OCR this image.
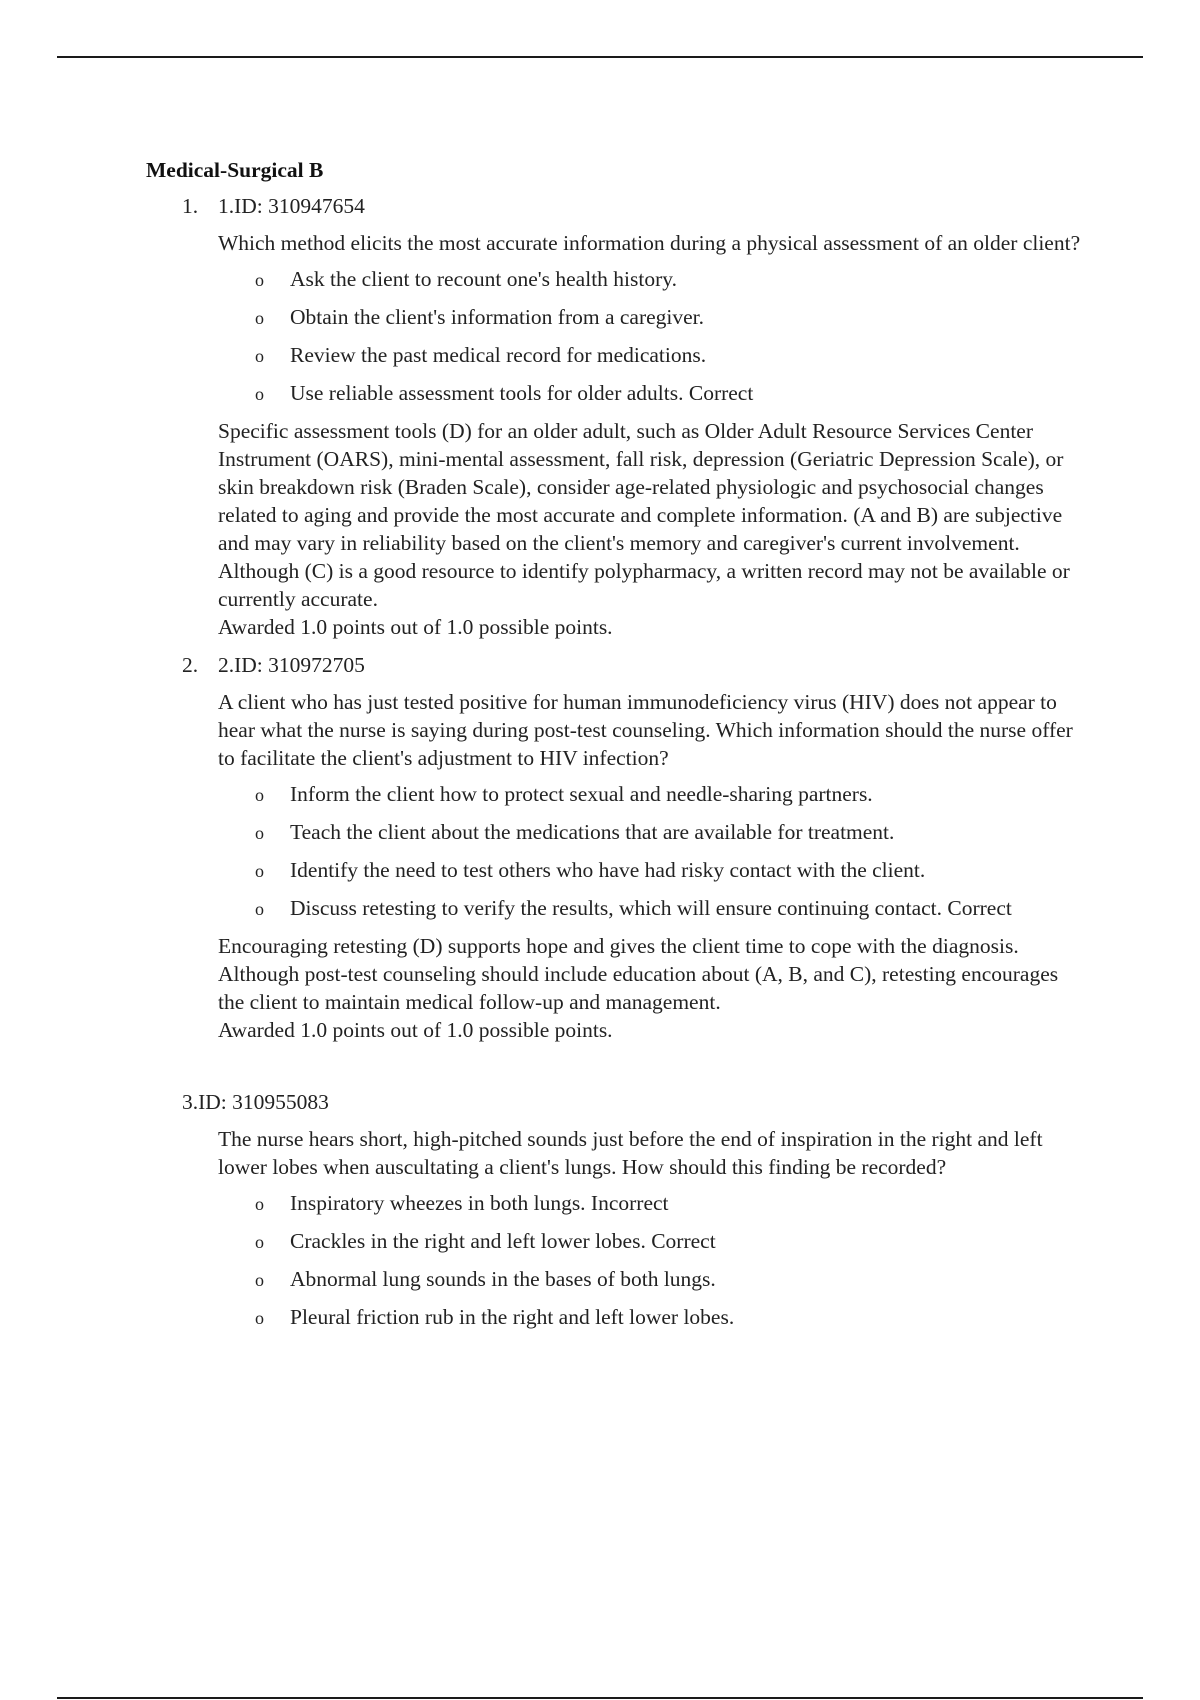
Medical-Surgical B
1. 1.ID: 310947654
Which method elicits the most accurate information during a physical assessment of an older client?
o Ask the client to recount one's health history.
o Obtain the client's information from a caregiver.
o Review the past medical record for medications.
o Use reliable assessment tools for older adults. Correct
Specific assessment tools (D) for an older adult, such as Older Adult Resource Services Center Instrument (OARS), mini-mental assessment, fall risk, depression (Geriatric Depression Scale), or skin breakdown risk (Braden Scale), consider age-related physiologic and psychosocial changes related to aging and provide the most accurate and complete information. (A and B) are subjective and may vary in reliability based on the client's memory and caregiver's current involvement. Although (C) is a good resource to identify polypharmacy, a written record may not be available or currently accurate.
Awarded 1.0 points out of 1.0 possible points.
2. 2.ID: 310972705
A client who has just tested positive for human immunodeficiency virus (HIV) does not appear to hear what the nurse is saying during post-test counseling. Which information should the nurse offer to facilitate the client's adjustment to HIV infection?
o Inform the client how to protect sexual and needle-sharing partners.
o Teach the client about the medications that are available for treatment.
o Identify the need to test others who have had risky contact with the client.
o Discuss retesting to verify the results, which will ensure continuing contact. Correct
Encouraging retesting (D) supports hope and gives the client time to cope with the diagnosis. Although post-test counseling should include education about (A, B, and C), retesting encourages the client to maintain medical follow-up and management.
Awarded 1.0 points out of 1.0 possible points.
3.ID: 310955083
The nurse hears short, high-pitched sounds just before the end of inspiration in the right and left lower lobes when auscultating a client's lungs. How should this finding be recorded?
o Inspiratory wheezes in both lungs. Incorrect
o Crackles in the right and left lower lobes. Correct
o Abnormal lung sounds in the bases of both lungs.
o Pleural friction rub in the right and left lower lobes.
